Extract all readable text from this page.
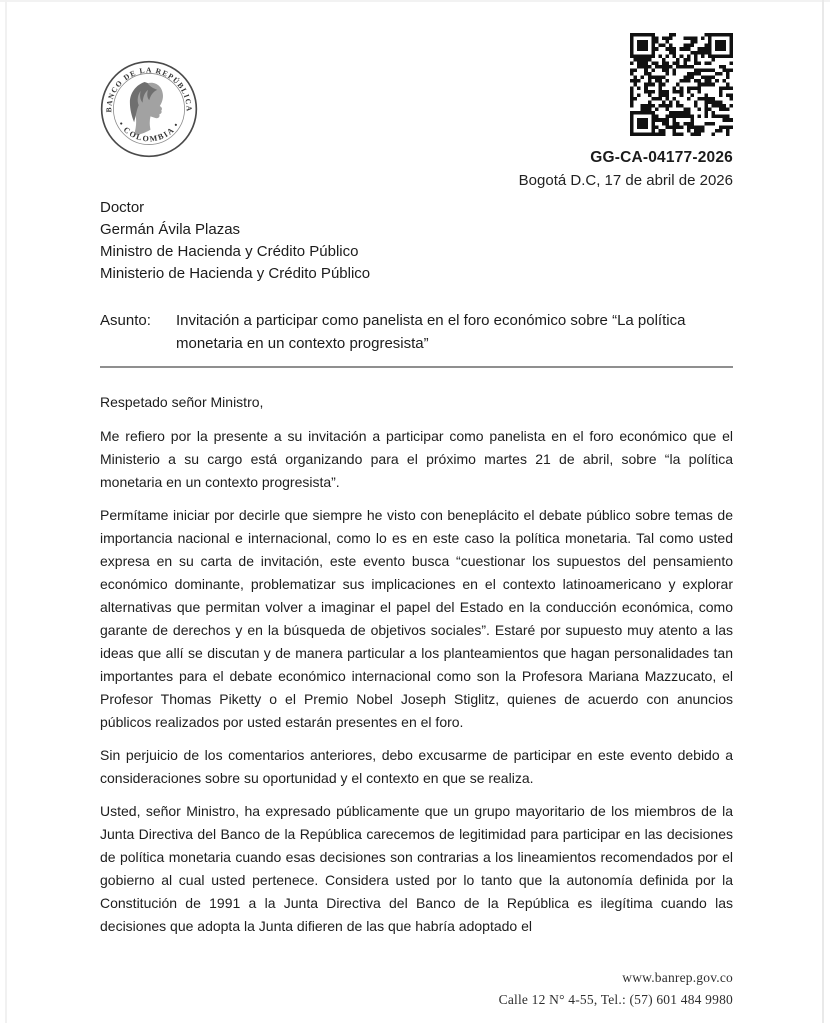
BANCO DE LA REPÚBLICA
• COLOMBIA •
GG-CA-04177-2026
Bogotá D.C, 17 de abril de 2026
Doctor
Germán Ávila Plazas
Ministro de Hacienda y Crédito Público
Ministerio de Hacienda y Crédito Público
Asunto:	Invitación a participar como panelista en el foro económico sobre “La política monetaria en un contexto progresista”

Respetado señor Ministro,

Me refiero por la presente a su invitación a participar como panelista en el foro económico que el Ministerio a su cargo está organizando para el próximo martes 21 de abril, sobre “la política monetaria en un contexto progresista”.

Permítame iniciar por decirle que siempre he visto con beneplácito el debate público sobre temas de importancia nacional e internacional, como lo es en este caso la política monetaria. Tal como usted expresa en su carta de invitación, este evento busca “cuestionar los supuestos del pensamiento económico dominante, problematizar sus implicaciones en el contexto latinoamericano y explorar alternativas que permitan volver a imaginar el papel del Estado en la conducción económica, como garante de derechos y en la búsqueda de objetivos sociales”. Estaré por supuesto muy atento a las ideas que allí se discutan y de manera particular a los planteamientos que hagan personalidades tan importantes para el debate económico internacional como son la Profesora Mariana Mazzucato, el Profesor Thomas Piketty o el Premio Nobel Joseph Stiglitz, quienes de acuerdo con anuncios públicos realizados por usted estarán presentes en el foro.

Sin perjuicio de los comentarios anteriores, debo excusarme de participar en este evento debido a consideraciones sobre su oportunidad y el contexto en que se realiza.

Usted, señor Ministro, ha expresado públicamente que un grupo mayoritario de los miembros de la Junta Directiva del Banco de la República carecemos de legitimidad para participar en las decisiones de política monetaria cuando esas decisiones son contrarias a los lineamientos recomendados por el gobierno al cual usted pertenece. Considera usted por lo tanto que la autonomía definida por la Constitución de 1991 a la Junta Directiva del Banco de la República es ilegítima cuando las decisiones que adopta la Junta difieren de las que habría adoptado el

www.banrep.gov.co
Calle 12 N° 4-55, Tel.: (57) 601 484 9980
